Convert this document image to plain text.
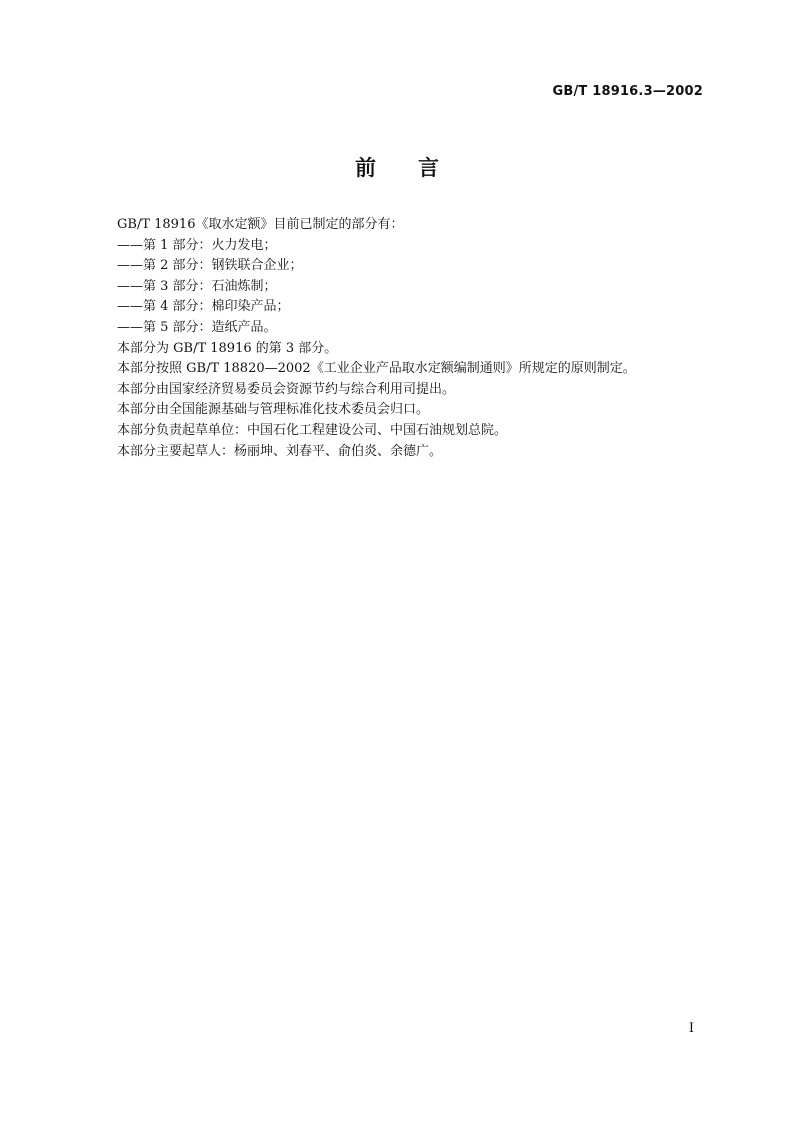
GB/T 18916.3—2002
前 言
GB/T 18916《取水定额》目前已制定的部分有：
——第 1 部分：火力发电；
——第 2 部分：钢铁联合企业；
——第 3 部分：石油炼制；
——第 4 部分：棉印染产品；
——第 5 部分：造纸产品。
本部分为 GB/T 18916 的第 3 部分。
本部分按照 GB/T 18820—2002《工业企业产品取水定额编制通则》所规定的原则制定。
本部分由国家经济贸易委员会资源节约与综合利用司提出。
本部分由全国能源基础与管理标准化技术委员会归口。
本部分负责起草单位：中国石化工程建设公司、中国石油规划总院。
本部分主要起草人：杨丽坤、刘春平、俞伯炎、余德广。
I
